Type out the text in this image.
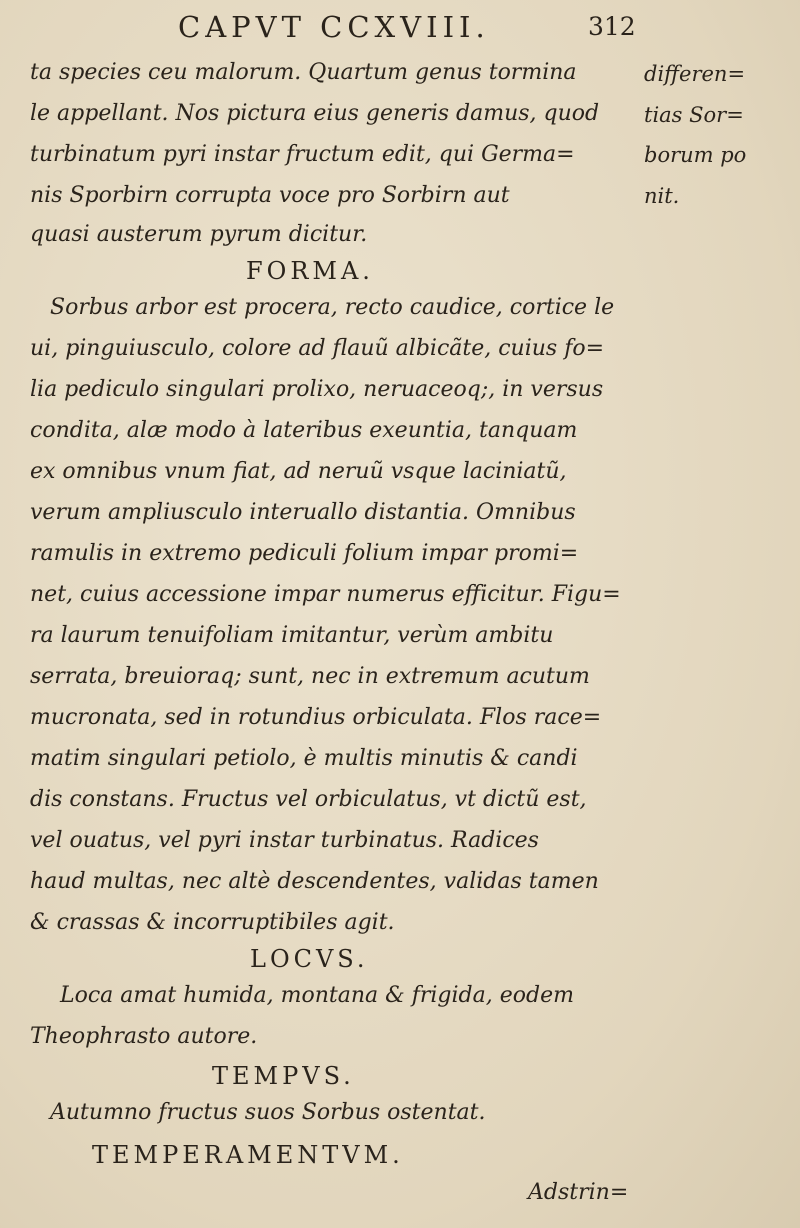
CAPVT CCXVIII.	312
ta species ceu malorum. Quartum genus tormina
le appellant. Nos pictura eius generis damus, quod
turbinatum pyri instar fructum edit, qui Germa=
nis Sporbirn corrupta voce pro Sorbirn aut
quasi austerum pyrum dicitur.
differen=
tias Sor=
borum po
nit.
FORMA.
Sorbus arbor est procera, recto caudice, cortice le
ui, pinguiusculo, colore ad flauũ albicãte, cuius fo=
lia pediculo singulari prolixo, neruaceoq;, in versus
condita, alæ modo à lateribus exeuntia, tanquam
ex omnibus vnum fiat, ad neruũ vsque laciniatũ,
verum ampliusculo interuallo distantia. Omnibus
ramulis in extremo pediculi folium impar promi=
net, cuius accessione impar numerus efficitur. Figu=
ra laurum tenuifoliam imitantur, verùm ambitu
serrata, breuioraq; sunt, nec in extremum acutum
mucronata, sed in rotundius orbiculata. Flos race=
matim singulari petiolo, è multis minutis & candi
dis constans. Fructus vel orbiculatus, vt dictũ est,
vel ouatus, vel pyri instar turbinatus. Radices
haud multas, nec altè descendentes, validas tamen
& crassas & incorruptibiles agit.
LOCVS.
Loca amat humida, montana & frigida, eodem
Theophrasto autore.
TEMPVS.
Autumno fructus suos Sorbus ostentat.
TEMPERAMENTVM.
Adstrin=
